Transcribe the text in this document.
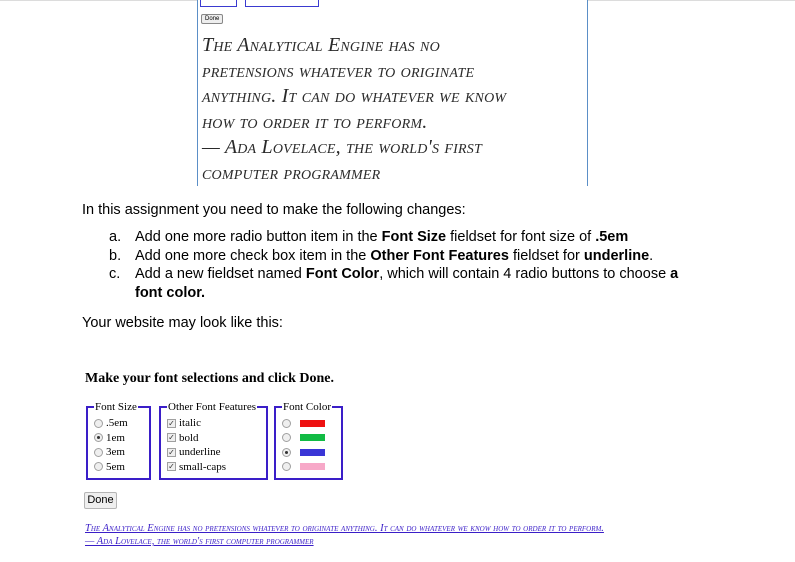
Done
The Analytical Engine has no
pretensions whatever to originate
anything. It can do whatever we know
how to order it to perform.
— Ada Lovelace, the world's first
computer programmer
In this assignment you need to make the following changes:
a. Add one more radio button item in the Font Size fieldset for font size of .5em
b. Add one more check box item in the Other Font Features fieldset for underline.
c. Add a new fieldset named Font Color, which will contain 4 radio buttons to choose a font color.
Your website may look like this:
Make your font selections and click Done.
Font Size
.5em
1em
3em
5em
Other Font Features
✓ italic
✓ bold
✓ underline
✓ small-caps
Font Color
Done
The Analytical Engine has no pretensions whatever to originate anything. It can do whatever we know how to order it to perform.
— Ada Lovelace, the world's first computer programmer
